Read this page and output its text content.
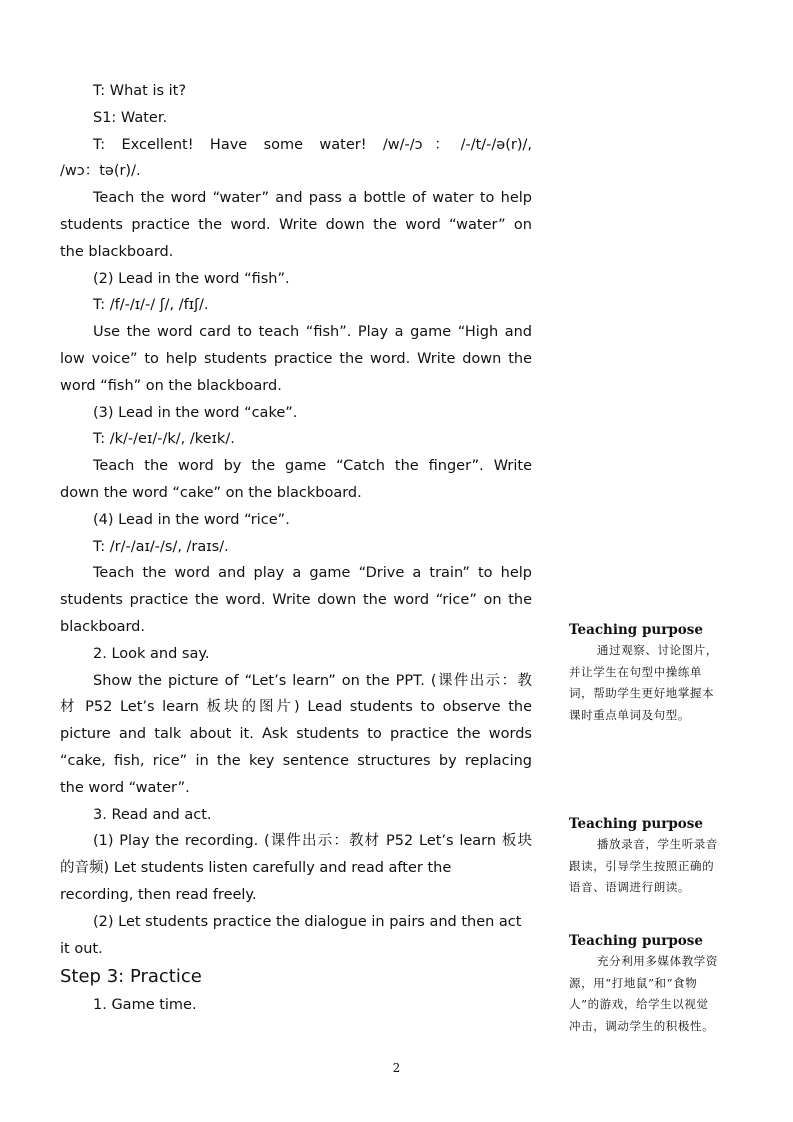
T: What is it?
S1: Water.
T: Excellent! Have some water! /w/-/ɔ：/-/t/-/ə(r)/,
/wɔ：tə(r)/.
Teach the word “water” and pass a bottle of water to help
students practice the word. Write down the word “water” on
the blackboard.
(2) Lead in the word “fish”.
T: /f/-/ɪ/-/ ʃ/, /fɪʃ/.
Use the word card to teach “fish”. Play a game “High and
low voice” to help students practice the word. Write down the
word “fish” on the blackboard.
(3) Lead in the word “cake”.
T: /k/-/eɪ/-/k/, /keɪk/.
Teach the word by the game “Catch the finger”. Write
down the word “cake” on the blackboard.
(4) Lead in the word “rice”.
T: /r/-/aɪ/-/s/, /raɪs/.
Teach the word and play a game “Drive a train” to help
students practice the word. Write down the word “rice” on the
blackboard.
2. Look and say.
Show the picture of “Let’s learn” on the PPT. (课件出示：教
材 P52 Let’s learn 板块的图片) Lead students to observe the
picture and talk about it. Ask students to practice the words
“cake, fish, rice” in the key sentence structures by replacing
the word “water”.
3. Read and act.
(1) Play the recording. (课件出示：教材 P52 Let’s learn 板块
的音频) Let students listen carefully and read after the
recording, then read freely.
(2) Let students practice the dialogue in pairs and then act
it out.
Step 3: Practice
1. Game time.
Teaching purpose
通过观察、讨论图片，
并让学生在句型中操练单
词，帮助学生更好地掌握本
课时重点单词及句型。
Teaching purpose
播放录音，学生听录音
跟读，引导学生按照正确的
语音、语调进行朗读。
Teaching purpose
充分利用多媒体教学资
源，用“打地鼠”和“食物
人”的游戏，给学生以视觉
冲击，调动学生的积极性。
2
